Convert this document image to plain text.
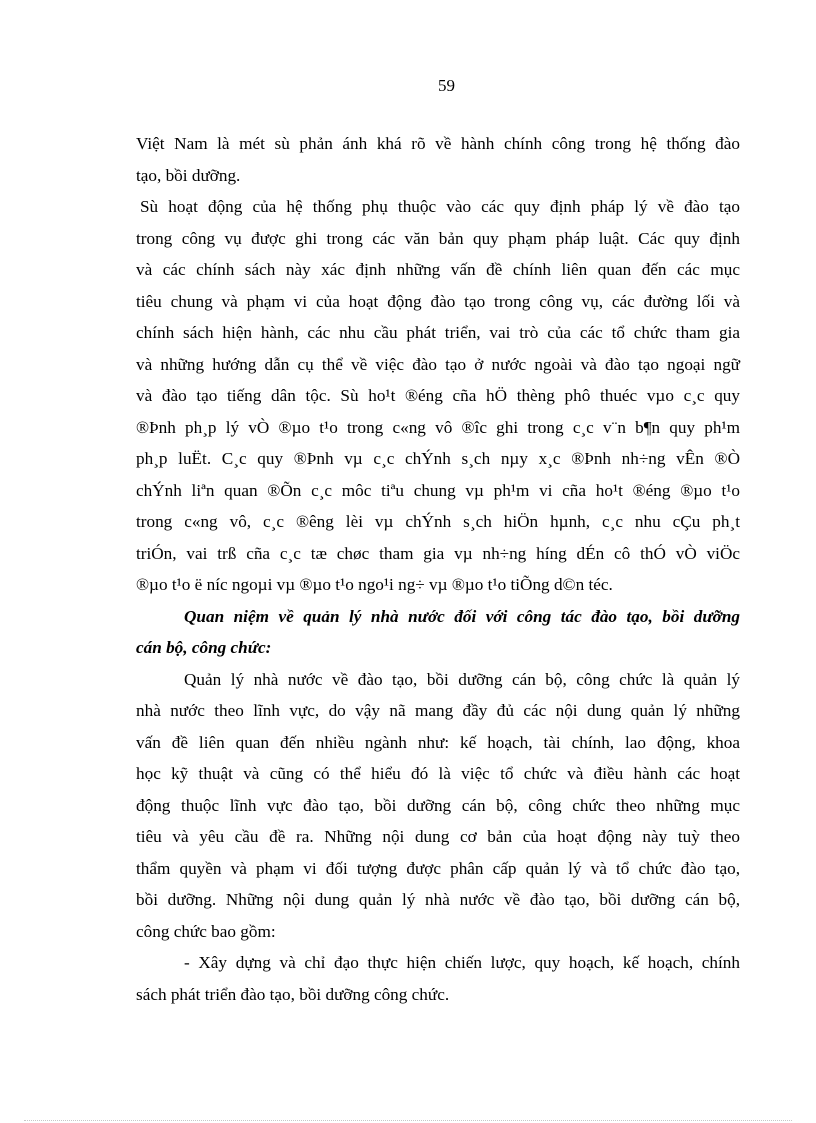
59
Việt Nam là mét sù phản ánh khá rõ về hành chính công trong hệ thống đào
tạo, bồi dưỡng.
Sù hoạt động của hệ thống phụ thuộc vào các quy định pháp lý về đào tạo
trong công vụ được ghi trong các văn bản quy phạm pháp luật. Các quy định
và các chính sách này xác định những vấn đề chính liên quan đến các mục
tiêu chung và phạm vi của hoạt động đào tạo trong công vụ, các đường lối và
chính sách hiện hành, các nhu cầu phát triển, vai trò của các tổ chức tham gia
và những hướng dẫn cụ thể về việc đào tạo ở nước ngoài và đào tạo ngoại ngữ
và đào tạo tiếng dân tộc. Sù ho¹t ®éng cña hÖ thèng phô thuéc vµo c¸c quy
®Þnh ph¸p lý vÒ ®µo t¹o trong c«ng vô ®îc ghi trong c¸c v¨n b¶n quy ph¹m
ph¸p luËt. C¸c quy ®Þnh vµ c¸c chÝnh s¸ch nµy x¸c ®Þnh nh÷ng vÊn ®Ò
chÝnh liªn quan ®Õn c¸c môc tiªu chung vµ ph¹m vi cña ho¹t ®éng ®µo t¹o
trong c«ng vô, c¸c ®êng lèi vµ chÝnh s¸ch hiÖn hµnh, c¸c nhu cÇu ph¸t
triÓn, vai trß cña c¸c tæ chøc tham gia vµ nh÷ng híng dÉn cô thÓ vÒ viÖc
®µo t¹o ë níc ngoµi vµ ®µo t¹o ngo¹i ng÷ vµ ®µo t¹o tiÕng d©n téc.
Quan niệm về quản lý nhà nước đối với công tác đào tạo, bồi dưỡng
cán bộ, công chức:
Quản lý nhà nước về đào tạo, bồi dưỡng cán bộ, công chức là quản lý
nhà nước theo lĩnh vực, do vậy nã mang đầy đủ các nội dung quản lý những
vấn đề liên quan đến nhiều ngành như: kế hoạch, tài chính, lao động, khoa
học kỹ thuật và cũng có thể hiểu đó là việc tổ chức và điều hành các hoạt
động thuộc lĩnh vực đào tạo, bồi dưỡng cán bộ, công chức theo những mục
tiêu và yêu cầu đề ra. Những nội dung cơ bản của hoạt động này tuỳ theo
thẩm quyền và phạm vi đối tượng được phân cấp quản lý và tổ chức đào tạo,
bồi dưỡng. Những nội dung quản lý nhà nước về đào tạo, bồi dưỡng cán bộ,
công chức bao gồm:
- Xây dựng và chỉ đạo thực hiện chiến lược, quy hoạch, kế hoạch, chính
sách phát triển đào tạo, bồi dưỡng công chức.
